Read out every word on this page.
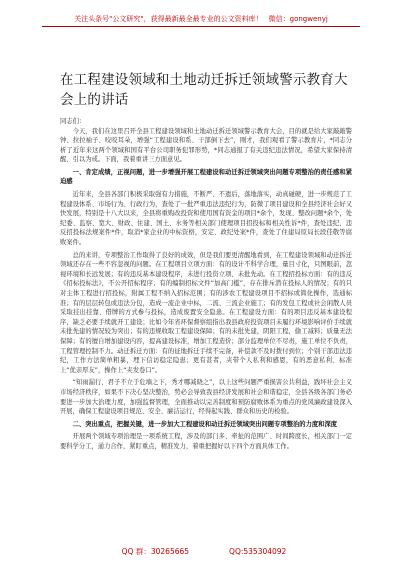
关注头条号"公文研究"，获得最新最全最专业的公文资料库！ 微信：gongwenyj
在工程建设领域和土地动迁拆迁领域警示教育大会上的讲话

同志们：

今天，我们在这里召开全县工程建设领域和土地动迁拆迁领域警示教育大会，目的就是给大家敲敲警钟、拉拉袖子、咬咬耳朵，增强“工程建设和系、干部倒下去”，刚才，我们观看了警示教育片，*同志分析了近年来这两个领域和国有平台公司职务犯罪形势，*同志通报了有关违纪违法情况，希望大家保持清醒、引以为戒。下面，我着重讲三方面意见。

一、肯定成绩，正视问题，进一步增强开展工程建设和动迁拆迁领域突出问题专项整治的责任感和紧迫感

近年来，全县各部门积极采取强有力措施，不断严、不遗后，落地落实，动真碰硬，进一步规范了工程建设体系、市场行为、行政行为，查处了一批严重违法违纪行为，防微了项目建设和全县经济社会好又快发展，特别是十八大以来，全县将重购改投资和使用国有资金的项目*余个，发现、整改问题*余个，处纪委、监察、宽大、财政、住建、国土、水务等相关部门使理项目招投标和相关性诉*件，查处违纪、违反招投标法规案件*件，取消*家企业的中标资格，安定、政纪处案*件，查处了住建局原局长段佳敬等腐败案件。

总的来讲，专项整治工作取得了良好的成效，但是我们要更清醒地看到，在工程建设领域和动迁拆迁领域还存在一些不容忽视的问题。在工程项目立项方面：有的设计不科学合理，量目寸化，只图眼前，忽视环境和长远发展；有的违反基本建设程序，未进行投资立项、未批先动。在工程招投标方面：有的违反《招标投标法》，不公开招标程序；有的编制招标文件“加高门槛”，存在排斥潜在投标人的情况；有的只对主体工程进行招投标，附属工程不纳入招标范围；有的涉农工程建设项目不招标或简化操作，选通标准；有的层层转包或违法分包，造成一流企业中标，二流、三流企业施工；有的发包工程或社会闲散人员采取挂出挂靠、借牌的方式参与投标，造成废置安全隐患。在工程建设方面：有的项目违反基本建设程序，缺乏必要手续就开工建设；比如今年省环保督察组指出我县政府投资项目未履行环境影响评价手续就未批先建的情况较为突出；有的违规收取工程建设保障；有的未批先建，阴阳工程，偷工减料；质量无法保障；有的擅自增加建设内容，提高建设标准，增加工程造价；部分监理单位不尽责，施工单位不负责，工程管理控制不力。动迁拆迁方面：有的征地拆迁手续不完备，补偿款不及时拨付到位；个别干部违法违纪，工作方法简单粗暴，埋下信访稳定隐患；更有甚者，夹带个人私利和感恩，有的恶意私利、标准上“优亲厚友”，操作上“夹发卷口”。

“知雨漏行，君子不立于危墙之下，秀才哪减晓之”，以上这些问题严重损害公共利益，践坏社会主义市场经济秩序，如果不下决心坚决整治，势必会导致我县经济发展和社会和谐稳定，全县各级各部门务必要进一步加大治理力度，加强监督管理，全面推动以完善制度和预防腐败体系为重点的党风廉政建设深入开展，确保工程建设项目规范、安全、廉洁运行，经得起实践、群众和历史的检验。

二、突出重点，把握关键，进一步加大工程建设和动迁拆迁领域突出问题专项整治的力度和深度

开展两个领域专项治理是一项系统工程，涉及的部门多、牵扯的范围广、时间跨度长，相关部门一定要科学分工，通力合作，紧盯重点，精准发力，着重把握好以下四个方面具体工作。

QQ 群：30265665	QQ:535304092
